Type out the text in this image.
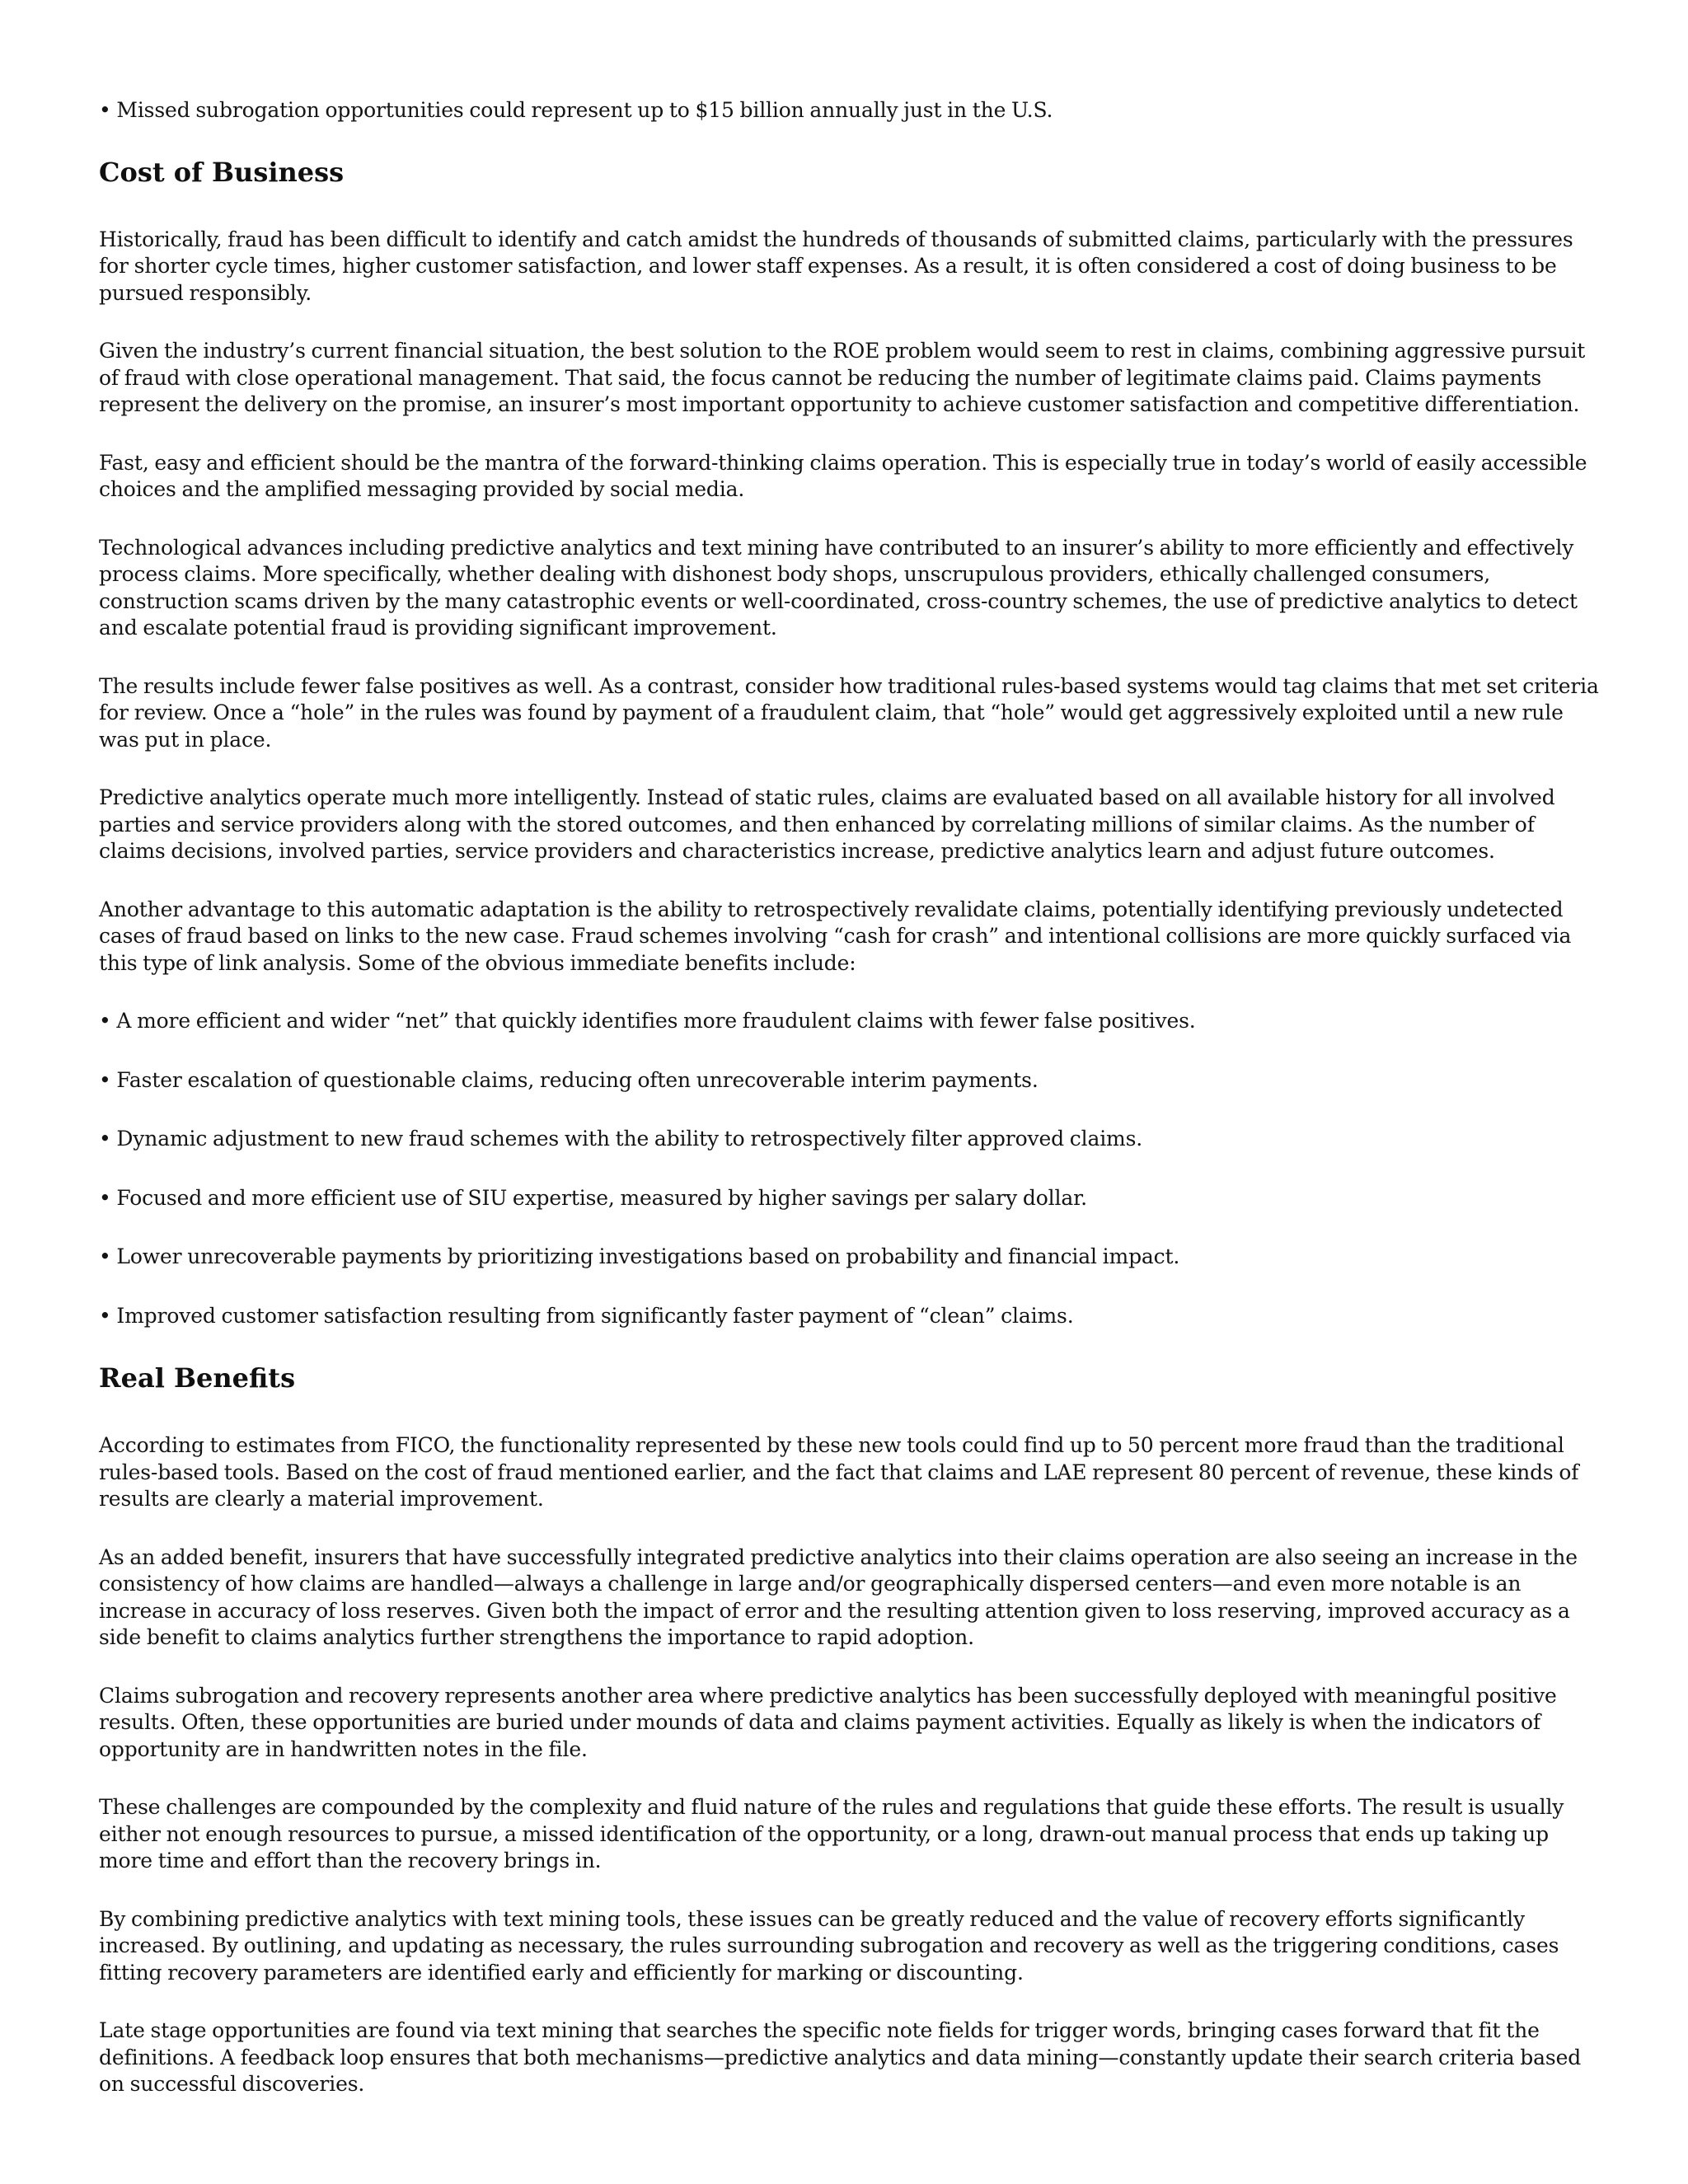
• Missed subrogation opportunities could represent up to $15 billion annually just in the U.S.

Cost of Business

Historically, fraud has been difficult to identify and catch amidst the hundreds of thousands of submitted claims, particularly with the pressures for shorter cycle times, higher customer satisfaction, and lower staff expenses. As a result, it is often considered a cost of doing business to be pursued responsibly.

Given the industry’s current financial situation, the best solution to the ROE problem would seem to rest in claims, combining aggressive pursuit of fraud with close operational management. That said, the focus cannot be reducing the number of legitimate claims paid. Claims payments represent the delivery on the promise, an insurer’s most important opportunity to achieve customer satisfaction and competitive differentiation.

Fast, easy and efficient should be the mantra of the forward-thinking claims operation. This is especially true in today’s world of easily accessible choices and the amplified messaging provided by social media.

Technological advances including predictive analytics and text mining have contributed to an insurer’s ability to more efficiently and effectively process claims. More specifically, whether dealing with dishonest body shops, unscrupulous providers, ethically challenged consumers, construction scams driven by the many catastrophic events or well-coordinated, cross-country schemes, the use of predictive analytics to detect and escalate potential fraud is providing significant improvement.

The results include fewer false positives as well. As a contrast, consider how traditional rules-based systems would tag claims that met set criteria for review. Once a “hole” in the rules was found by payment of a fraudulent claim, that “hole” would get aggressively exploited until a new rule was put in place.

Predictive analytics operate much more intelligently. Instead of static rules, claims are evaluated based on all available history for all involved parties and service providers along with the stored outcomes, and then enhanced by correlating millions of similar claims. As the number of claims decisions, involved parties, service providers and characteristics increase, predictive analytics learn and adjust future outcomes.

Another advantage to this automatic adaptation is the ability to retrospectively revalidate claims, potentially identifying previously undetected cases of fraud based on links to the new case. Fraud schemes involving “cash for crash” and intentional collisions are more quickly surfaced via this type of link analysis. Some of the obvious immediate benefits include:

• A more efficient and wider “net” that quickly identifies more fraudulent claims with fewer false positives.

• Faster escalation of questionable claims, reducing often unrecoverable interim payments.

• Dynamic adjustment to new fraud schemes with the ability to retrospectively filter approved claims.

• Focused and more efficient use of SIU expertise, measured by higher savings per salary dollar.

• Lower unrecoverable payments by prioritizing investigations based on probability and financial impact.

• Improved customer satisfaction resulting from significantly faster payment of “clean” claims.

Real Benefits

According to estimates from FICO, the functionality represented by these new tools could find up to 50 percent more fraud than the traditional rules-based tools. Based on the cost of fraud mentioned earlier, and the fact that claims and LAE represent 80 percent of revenue, these kinds of results are clearly a material improvement.

As an added benefit, insurers that have successfully integrated predictive analytics into their claims operation are also seeing an increase in the consistency of how claims are handled—always a challenge in large and/or geographically dispersed centers—and even more notable is an increase in accuracy of loss reserves. Given both the impact of error and the resulting attention given to loss reserving, improved accuracy as a side benefit to claims analytics further strengthens the importance to rapid adoption.

Claims subrogation and recovery represents another area where predictive analytics has been successfully deployed with meaningful positive results. Often, these opportunities are buried under mounds of data and claims payment activities. Equally as likely is when the indicators of opportunity are in handwritten notes in the file.

These challenges are compounded by the complexity and fluid nature of the rules and regulations that guide these efforts. The result is usually either not enough resources to pursue, a missed identification of the opportunity, or a long, drawn-out manual process that ends up taking up more time and effort than the recovery brings in.

By combining predictive analytics with text mining tools, these issues can be greatly reduced and the value of recovery efforts significantly increased. By outlining, and updating as necessary, the rules surrounding subrogation and recovery as well as the triggering conditions, cases fitting recovery parameters are identified early and efficiently for marking or discounting.

Late stage opportunities are found via text mining that searches the specific note fields for trigger words, bringing cases forward that fit the definitions. A feedback loop ensures that both mechanisms—predictive analytics and data mining—constantly update their search criteria based on successful discoveries.
